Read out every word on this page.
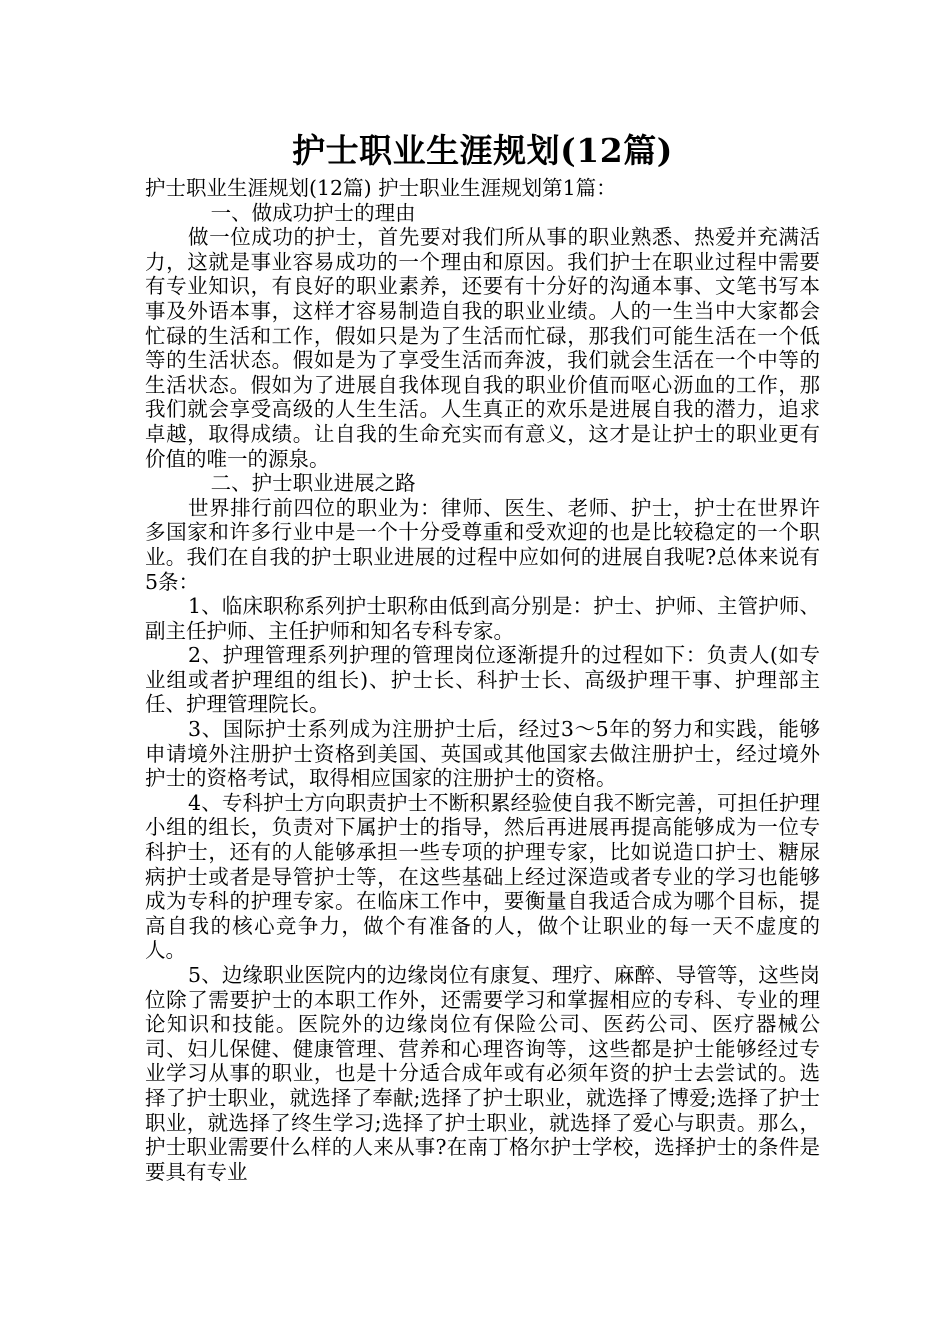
护士职业生涯规划(12篇)

护士职业生涯规划(12篇) 护士职业生涯规划第1篇：

一、做成功护士的理由

做一位成功的护士，首先要对我们所从事的职业熟悉、热爱并充满活力，这就是事业容易成功的一个理由和原因。我们护士在职业过程中需要有专业知识，有良好的职业素养，还要有十分好的沟通本事、文笔书写本事及外语本事，这样才容易制造自我的职业业绩。人的一生当中大家都会忙碌的生活和工作，假如只是为了生活而忙碌，那我们可能生活在一个低等的生活状态。假如是为了享受生活而奔波，我们就会生活在一个中等的生活状态。假如为了进展自我体现自我的职业价值而呕心沥血的工作，那我们就会享受高级的人生生活。人生真正的欢乐是进展自我的潜力，追求卓越，取得成绩。让自我的生命充实而有意义，这才是让护士的职业更有价值的唯一的源泉。

二、护士职业进展之路

世界排行前四位的职业为：律师、医生、老师、护士，护士在世界许多国家和许多行业中是一个十分受尊重和受欢迎的也是比较稳定的一个职业。我们在自我的护士职业进展的过程中应如何的进展自我呢?总体来说有5条：

1、临床职称系列护士职称由低到高分别是：护士、护师、主管护师、副主任护师、主任护师和知名专科专家。

2、护理管理系列护理的管理岗位逐渐提升的过程如下：负责人(如专业组或者护理组的组长)、护士长、科护士长、高级护理干事、护理部主任、护理管理院长。

3、国际护士系列成为注册护士后，经过3～5年的努力和实践，能够申请境外注册护士资格到美国、英国或其他国家去做注册护士，经过境外护士的资格考试，取得相应国家的注册护士的资格。

4、专科护士方向职责护士不断积累经验使自我不断完善，可担任护理小组的组长，负责对下属护士的指导，然后再进展再提高能够成为一位专科护士，还有的人能够承担一些专项的护理专家，比如说造口护士、糖尿病护士或者是导管护士等，在这些基础上经过深造或者专业的学习也能够成为专科的护理专家。在临床工作中，要衡量自我适合成为哪个目标，提高自我的核心竞争力，做个有准备的人，做个让职业的每一天不虚度的人。

5、边缘职业医院内的边缘岗位有康复、理疗、麻醉、导管等，这些岗位除了需要护士的本职工作外，还需要学习和掌握相应的专科、专业的理论知识和技能。医院外的边缘岗位有保险公司、医药公司、医疗器械公司、妇儿保健、健康管理、营养和心理咨询等，这些都是护士能够经过专业学习从事的职业，也是十分适合成年或有必须年资的护士去尝试的。选择了护士职业，就选择了奉献;选择了护士职业，就选择了博爱;选择了护士职业，就选择了终生学习;选择了护士职业，就选择了爱心与职责。那么，护士职业需要什么样的人来从事?在南丁格尔护士学校，选择护士的条件是要具有专业
